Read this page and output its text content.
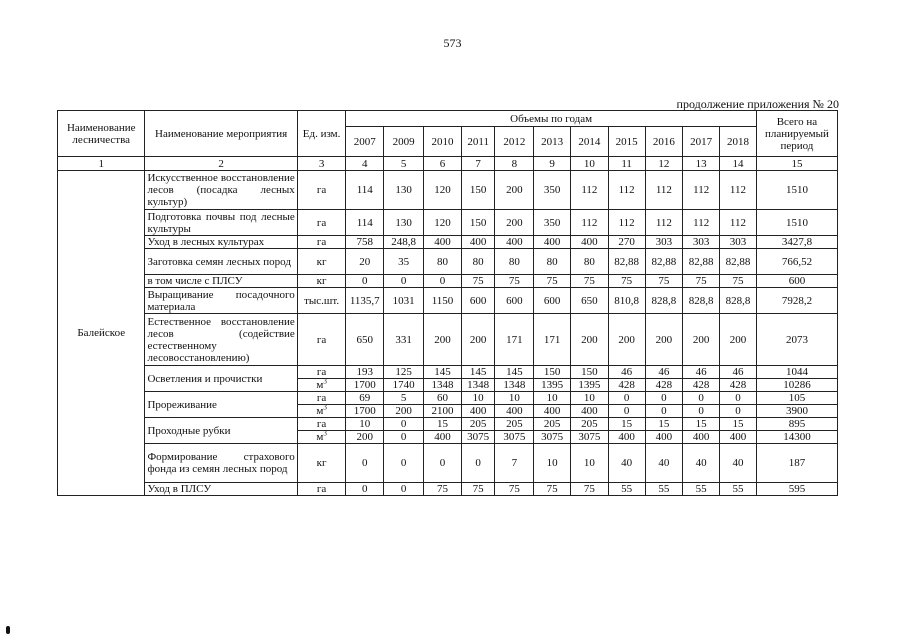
573
продолжение приложения № 20
Наименование лесничества	Наименование мероприятия	Ед. изм.	Объемы по годам											Всего на планируемый период
			2007	2009	2010	2011	2012	2013	2014	2015	2016	2017	2018	
1	2	3	4	5	6	7	8	9	10	11	12	13	14	15
Балейское	Искусственное восстановление лесов (посадка лесных культур)	га	114	130	120	150	200	350	112	112	112	112	112	1510
	Подготовка почвы под лесные культуры	га	114	130	120	150	200	350	112	112	112	112	112	1510
	Уход в лесных культурах	га	758	248,8	400	400	400	400	400	270	303	303	303	3427,8
	Заготовка семян лесных пород	кг	20	35	80	80	80	80	80	82,88	82,88	82,88	82,88	766,52
	в том числе с ПЛСУ	кг	0	0	0	75	75	75	75	75	75	75	75	600
	Выращивание посадочного материала	тыс.шт.	1135,7	1031	1150	600	600	600	650	810,8	828,8	828,8	828,8	7928,2
	Естественное восстановление лесов (содействие естественному лесовосстановлению)	га	650	331	200	200	171	171	200	200	200	200	200	2073
	Осветления и прочистки	га	193	125	145	145	145	150	150	46	46	46	46	1044
		$м^3$	1700	1740	1348	1348	1348	1395	1395	428	428	428	428	10286
	Прореживание	га	69	5	60	10	10	10	10	0	0	0	0	105
		$м^3$	1700	200	2100	400	400	400	400	0	0	0	0	3900
	Проходные рубки	га	10	0	15	205	205	205	205	15	15	15	15	895
		$м^3$	200	0	400	3075	3075	3075	3075	400	400	400	400	14300
	Формирование страхового фонда из семян лесных пород	кг	0	0	0	0	7	10	10	40	40	40	40	187
	Уход в ПЛСУ	га	0	0	75	75	75	75	75	55	55	55	55	595
